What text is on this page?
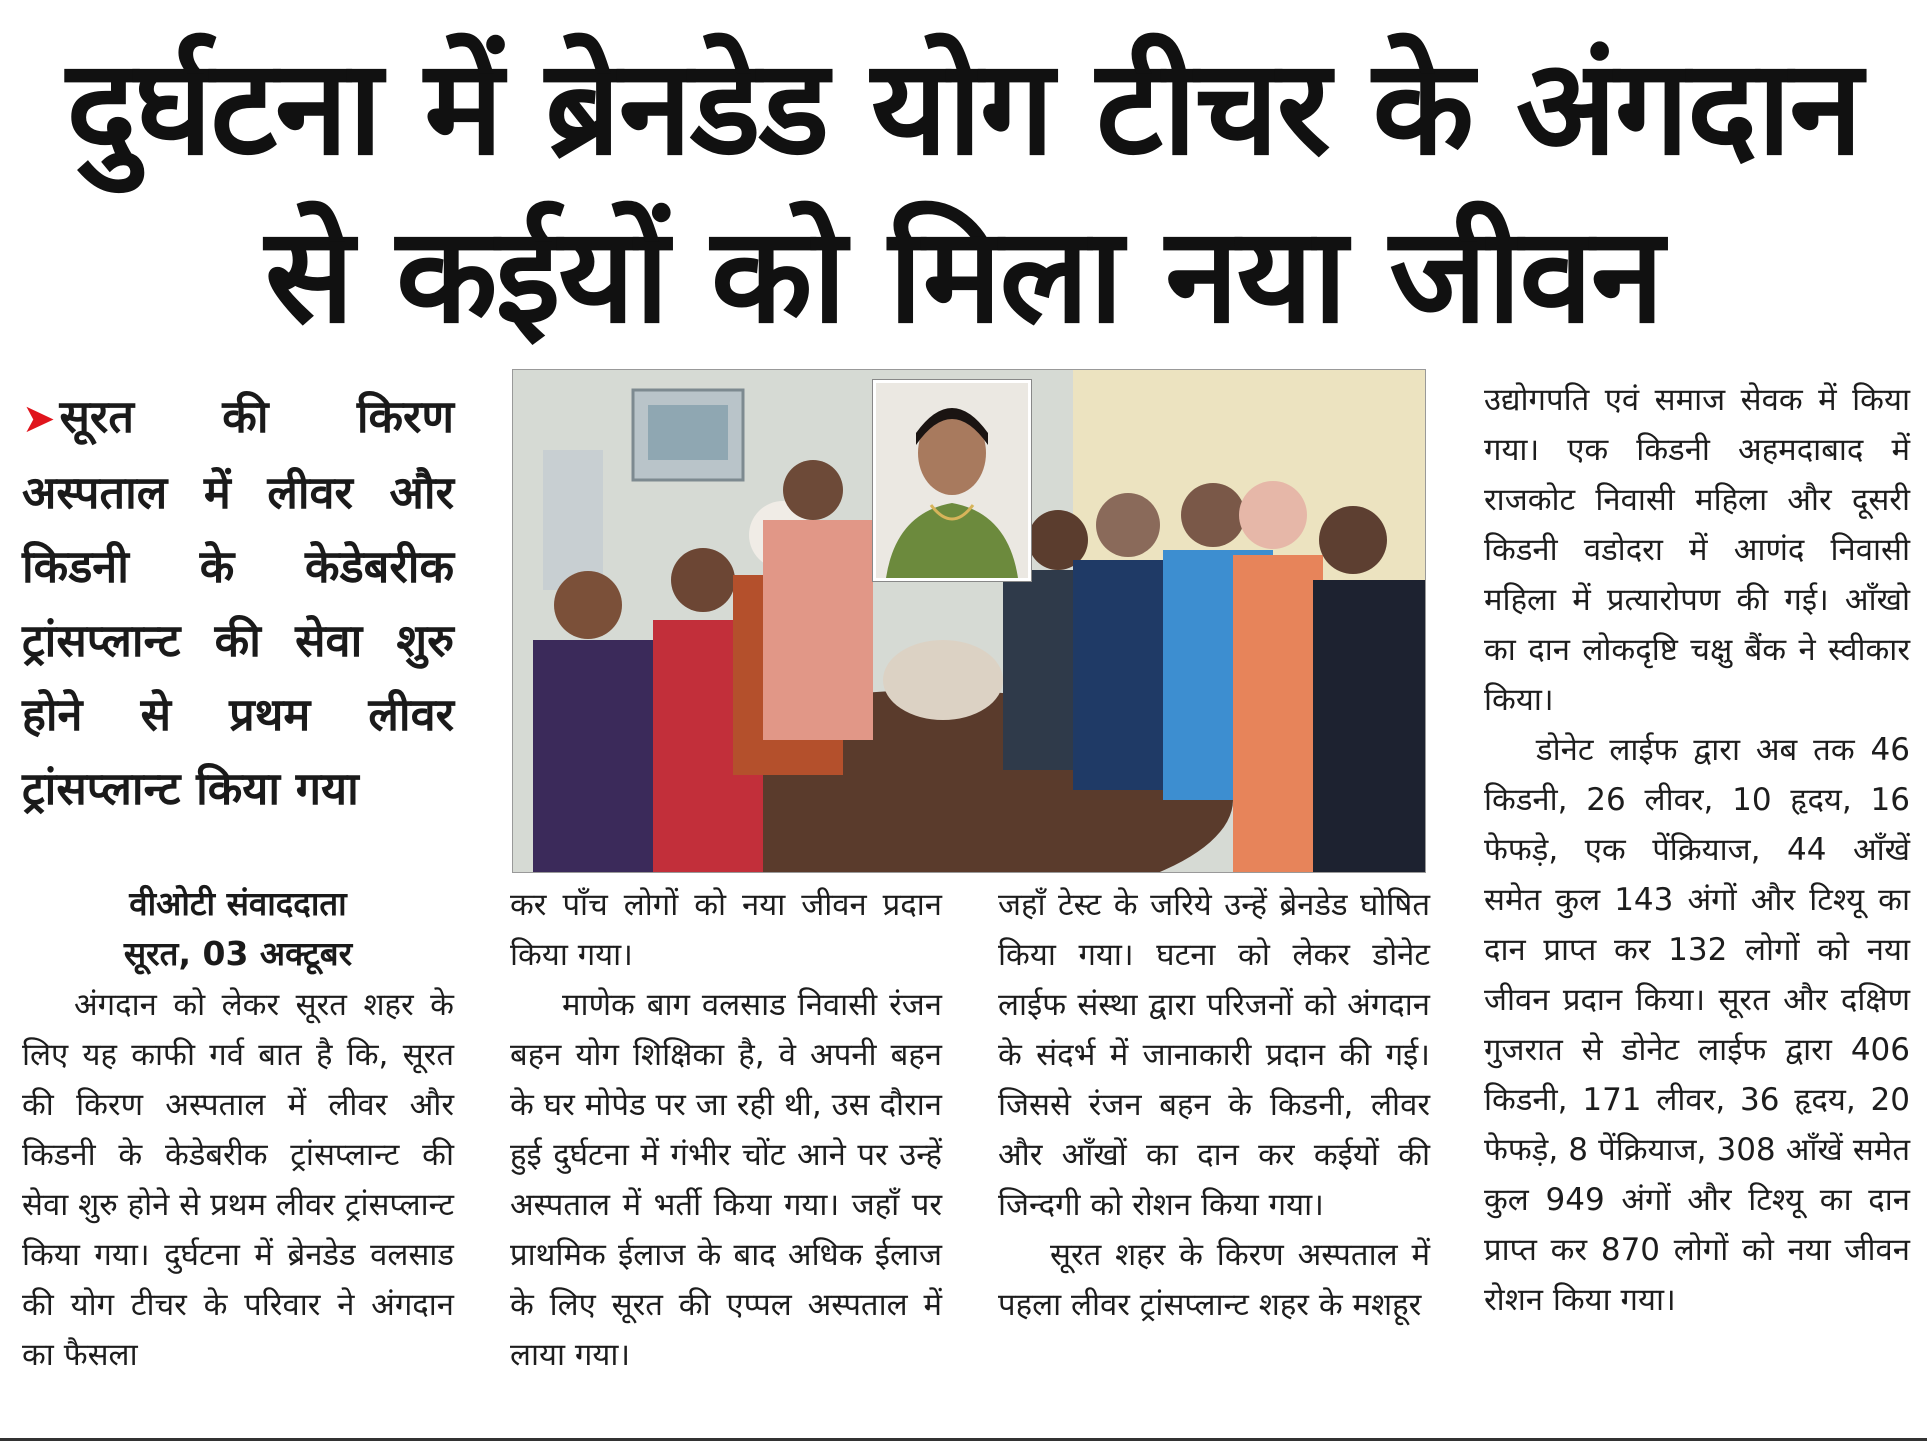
दुर्घटना में ब्रेनडेड योग टीचर के अंगदान
से कईयों को मिला नया जीवन
➤सूरत की किरण अस्पताल में लीवर और किडनी के केडेबरीक ट्रांसप्लान्ट की सेवा शुरु होने से प्रथम लीवर ट्रांसप्लान्ट किया गया
वीओटी संवाददाता
सूरत, 03 अक्टूबर

अंगदान को लेकर सूरत शहर के लिए यह काफी गर्व बात है कि, सूरत की किरण अस्पताल में लीवर और किडनी के केडेबरीक ट्रांसप्लान्ट की सेवा शुरु होने से प्रथम लीवर ट्रांसप्लान्ट किया गया। दुर्घटना में ब्रेनडेड वलसाड की योग टीचर के परिवार ने अंगदान का फैसला

कर पाँच लोगों को नया जीवन प्रदान किया गया।

माणेक बाग वलसाड निवासी रंजन बहन योग शिक्षिका है, वे अपनी बहन के घर मोपेड पर जा रही थी, उस दौरान हुई दुर्घटना में गंभीर चोंट आने पर उन्हें अस्पताल में भर्ती किया गया। जहाँ पर प्राथमिक ईलाज के बाद अधिक ईलाज के लिए सूरत की एप्पल अस्पताल में लाया गया।

जहाँ टेस्ट के जरिये उन्हें ब्रेनडेड घोषित किया गया। घटना को लेकर डोनेट लाईफ संस्था द्वारा परिजनों को अंगदान के संदर्भ में जानाकारी प्रदान की गई। जिससे रंजन बहन के किडनी, लीवर और आँखों का दान कर कईयों की जिन्दगी को रोशन किया गया।

सूरत शहर के किरण अस्पताल में पहला लीवर ट्रांसप्लान्ट शहर के मशहूर

उद्योगपति एवं समाज सेवक में किया गया। एक किडनी अहमदाबाद में राजकोट निवासी महिला और दूसरी किडनी वडोदरा में आणंद निवासी महिला में प्रत्यारोपण की गई। आँखो का दान लोकदृष्टि चक्षु बैंक ने स्वीकार किया।

डोनेट लाईफ द्वारा अब तक 46 किडनी, 26 लीवर, 10 हृदय, 16 फेफड़े, एक पेंक्रियाज, 44 आँखें समेत कुल 143 अंगों और टिश्यू का दान प्राप्त कर 132 लोगों को नया जीवन प्रदान किया। सूरत और दक्षिण गुजरात से डोनेट लाईफ द्वारा 406 किडनी, 171 लीवर, 36 हृदय, 20 फेफड़े, 8 पेंक्रियाज, 308 आँखें समेत कुल 949 अंगों और टिश्यू का दान प्राप्त कर 870 लोगों को नया जीवन रोशन किया गया।
